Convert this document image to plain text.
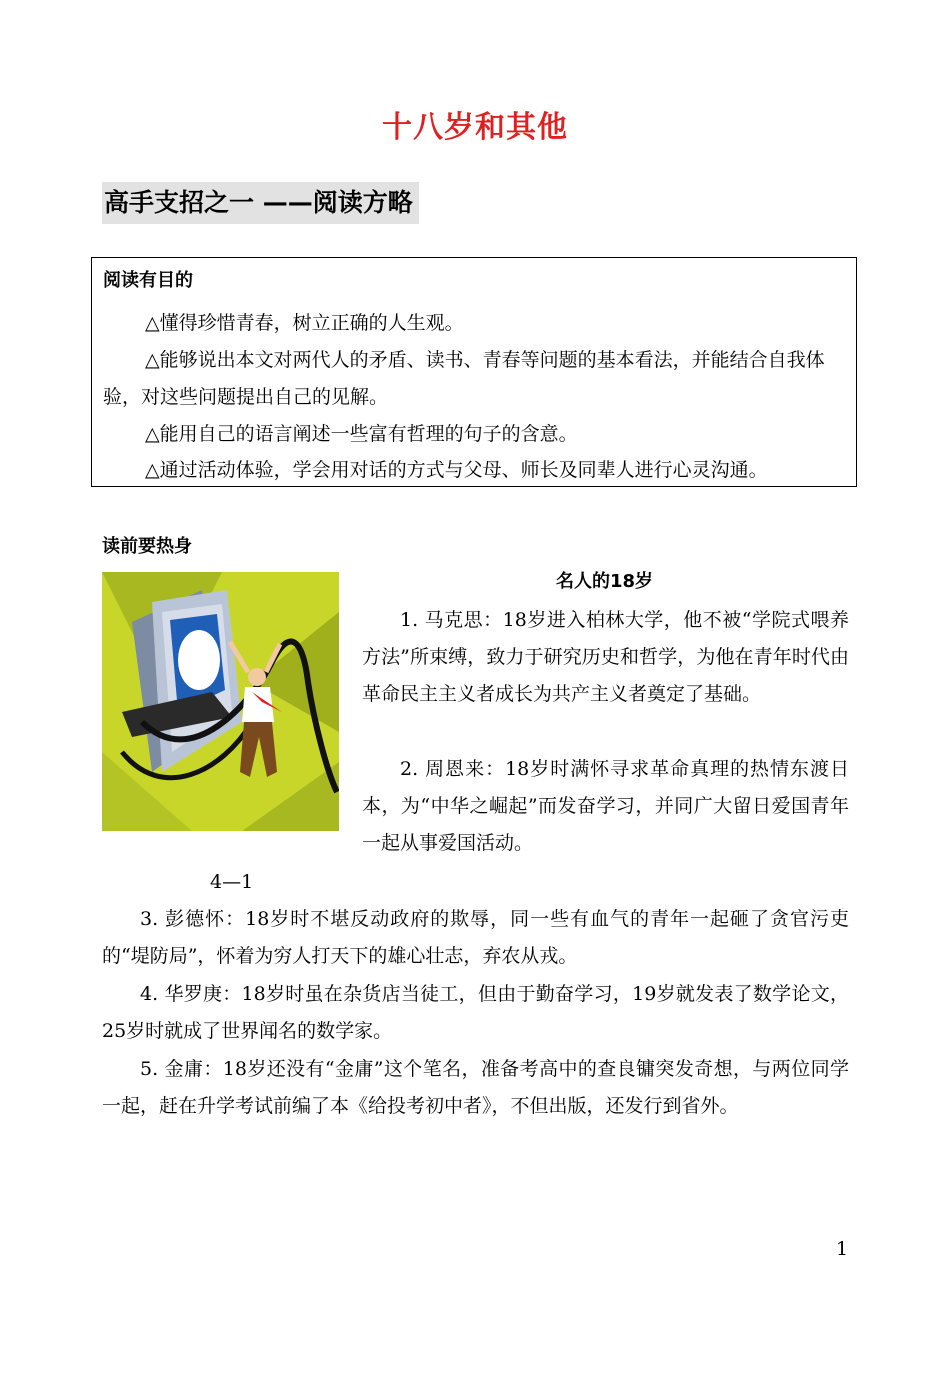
十八岁和其他
高手支招之一 ——阅读方略
阅读有目的
△懂得珍惜青春，树立正确的人生观。
△能够说出本文对两代人的矛盾、读书、青春等问题的基本看法，并能结合自我体验，对这些问题提出自己的见解。
△能用自己的语言阐述一些富有哲理的句子的含意。
△通过活动体验，学会用对话的方式与父母、师长及同辈人进行心灵沟通。
读前要热身
4—1
名人的18岁
1. 马克思：18岁进入柏林大学，他不被“学院式喂养方法”所束缚，致力于研究历史和哲学，为他在青年时代由革命民主主义者成长为共产主义者奠定了基础。
2. 周恩来：18岁时满怀寻求革命真理的热情东渡日本，为“中华之崛起”而发奋学习，并同广大留日爱国青年一起从事爱国活动。
3. 彭德怀：18岁时不堪反动政府的欺辱，同一些有血气的青年一起砸了贪官污吏的“堤防局”，怀着为穷人打天下的雄心壮志，弃农从戎。
4. 华罗庚：18岁时虽在杂货店当徒工，但由于勤奋学习，19岁就发表了数学论文，25岁时就成了世界闻名的数学家。
5. 金庸：18岁还没有“金庸”这个笔名，准备考高中的查良镛突发奇想，与两位同学一起，赶在升学考试前编了本《给投考初中者》，不但出版，还发行到省外。
1
